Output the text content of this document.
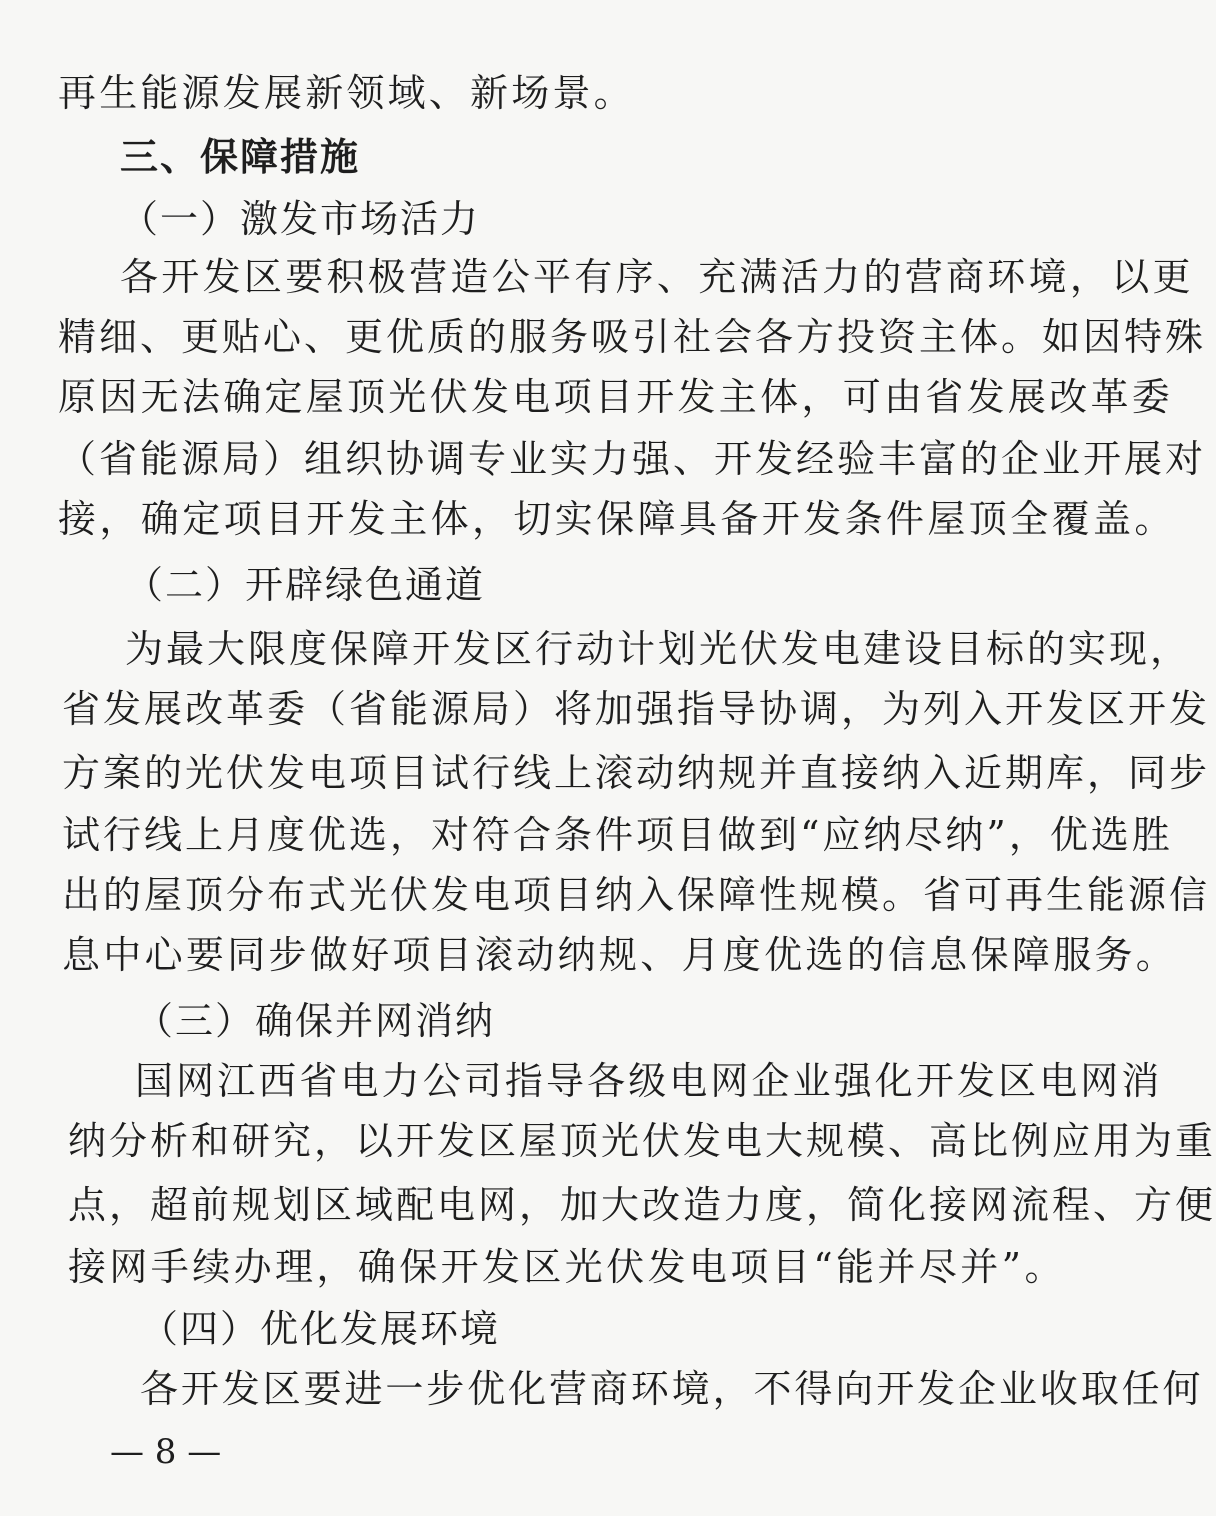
再生能源发展新领域、新场景。
三、保障措施
（一）激发市场活力
各开发区要积极营造公平有序、充满活力的营商环境，以更
精细、更贴心、更优质的服务吸引社会各方投资主体。如因特殊
原因无法确定屋顶光伏发电项目开发主体，可由省发展改革委
（省能源局）组织协调专业实力强、开发经验丰富的企业开展对
接，确定项目开发主体，切实保障具备开发条件屋顶全覆盖。
（二）开辟绿色通道
为最大限度保障开发区行动计划光伏发电建设目标的实现，
省发展改革委（省能源局）将加强指导协调，为列入开发区开发
方案的光伏发电项目试行线上滚动纳规并直接纳入近期库，同步
试行线上月度优选，对符合条件项目做到“应纳尽纳”，优选胜
出的屋顶分布式光伏发电项目纳入保障性规模。省可再生能源信
息中心要同步做好项目滚动纳规、月度优选的信息保障服务。
（三）确保并网消纳
国网江西省电力公司指导各级电网企业强化开发区电网消
纳分析和研究，以开发区屋顶光伏发电大规模、高比例应用为重
点，超前规划区域配电网，加大改造力度，简化接网流程、方便
接网手续办理，确保开发区光伏发电项目“能并尽并”。
（四）优化发展环境
各开发区要进一步优化营商环境，不得向开发企业收取任何
— 8 —
